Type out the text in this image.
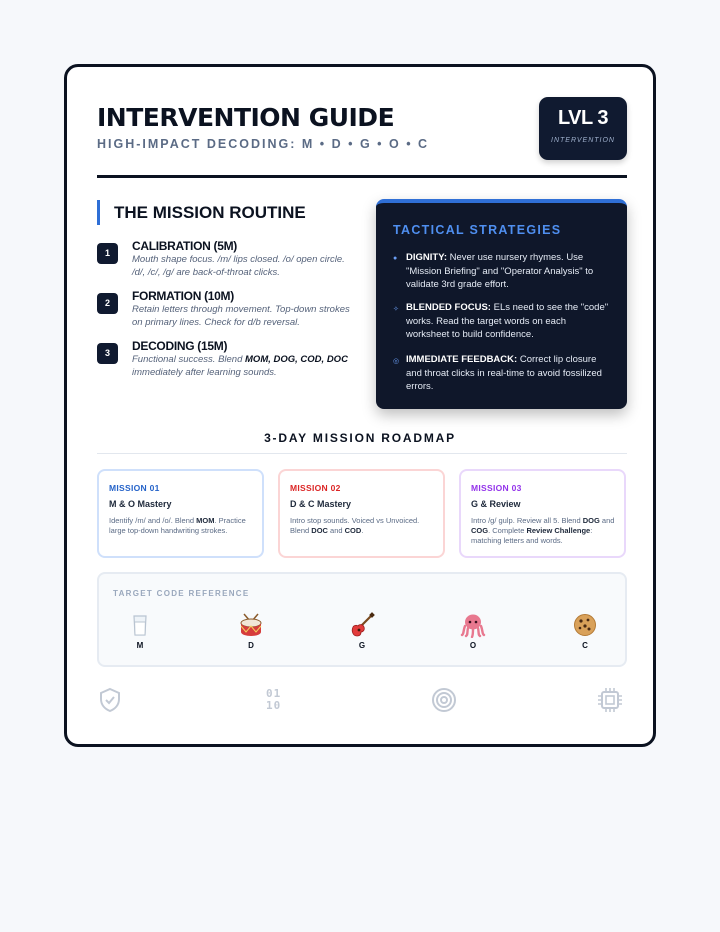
INTERVENTION GUIDE
HIGH-IMPACT DECODING: M • D • G • O • C
LVL 3
INTERVENTION
THE MISSION ROUTINE
1	CALIBRATION (5M)
Mouth shape focus. /m/ lips closed. /o/ open circle. /d/, /c/, /g/ are back-of-throat clicks.
2	FORMATION (10M)
Retain letters through movement. Top-down strokes on primary lines. Check for d/b reversal.
3	DECODING (15M)
Functional success. Blend MOM, DOG, COD, DOC immediately after learning sounds.
TACTICAL STRATEGIES
● DIGNITY: Never use nursery rhymes. Use "Mission Briefing" and "Operator Analysis" to validate 3rd grade effort.
✧ BLENDED FOCUS: ELs need to see the "code" works. Read the target words on each worksheet to build confidence.
◎ IMMEDIATE FEEDBACK: Correct lip closure and throat clicks in real-time to avoid fossilized errors.
3-DAY MISSION ROADMAP
MISSION 01
M & O Mastery
Identify /m/ and /o/. Blend MOM. Practice large top-down handwriting strokes.
MISSION 02
D & C Mastery
Intro stop sounds. Voiced vs Unvoiced. Blend DOC and COD.
MISSION 03
G & Review
Intro /g/ gulp. Review all 5. Blend DOG and COG. Complete Review Challenge: matching letters and words.
TARGET CODE REFERENCE
M	D	G	O	C
01
10
